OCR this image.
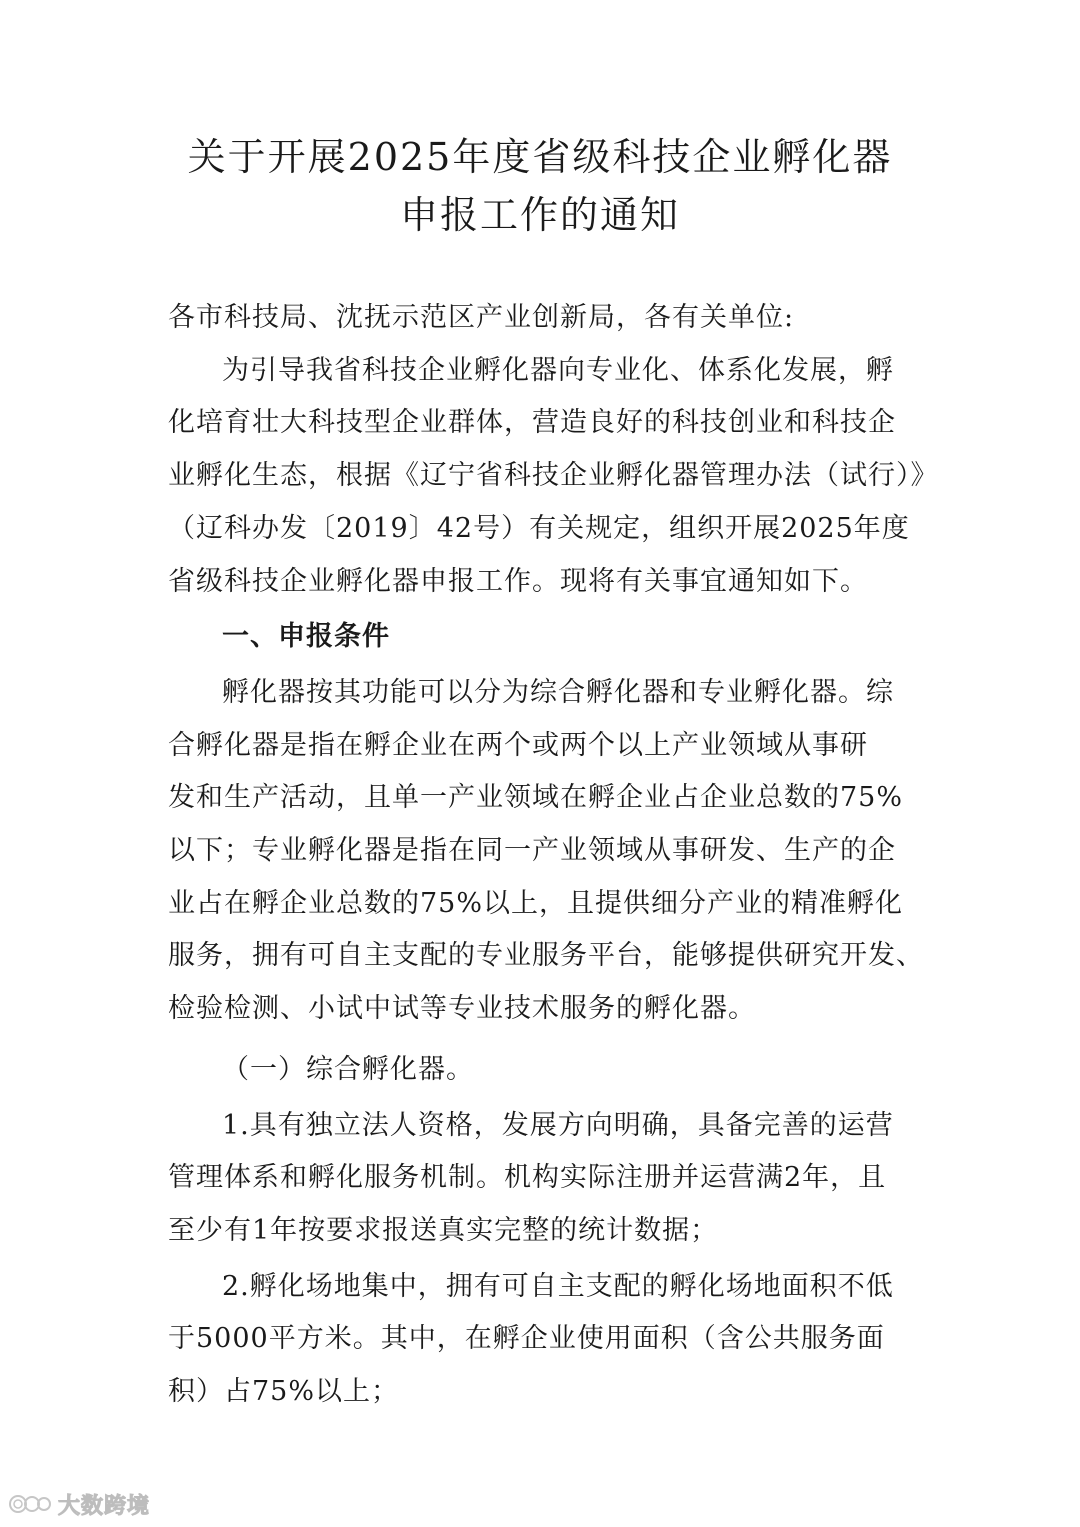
关于开展2025年度省级科技企业孵化器
申报工作的通知

各市科技局、沈抚示范区产业创新局，各有关单位:

为引导我省科技企业孵化器向专业化、体系化发展，孵

化培育壮大科技型企业群体，营造良好的科技创业和科技企

业孵化生态，根据《辽宁省科技企业孵化器管理办法（试行）》

（辽科办发〔2019〕42号）有关规定，组织开展2025年度

省级科技企业孵化器申报工作。现将有关事宜通知如下。

一、申报条件

孵化器按其功能可以分为综合孵化器和专业孵化器。综

合孵化器是指在孵企业在两个或两个以上产业领域从事研

发和生产活动，且单一产业领域在孵企业占企业总数的75%

以下；专业孵化器是指在同一产业领域从事研发、生产的企

业占在孵企业总数的75%以上，且提供细分产业的精准孵化

服务，拥有可自主支配的专业服务平台，能够提供研究开发、

检验检测、小试中试等专业技术服务的孵化器。

（一）综合孵化器。

1.具有独立法人资格，发展方向明确，具备完善的运营

管理体系和孵化服务机制。机构实际注册并运营满2年，且

至少有1年按要求报送真实完整的统计数据；

2.孵化场地集中，拥有可自主支配的孵化场地面积不低

于5000平方米。其中，在孵企业使用面积（含公共服务面

积）占75%以上；

大数跨境
